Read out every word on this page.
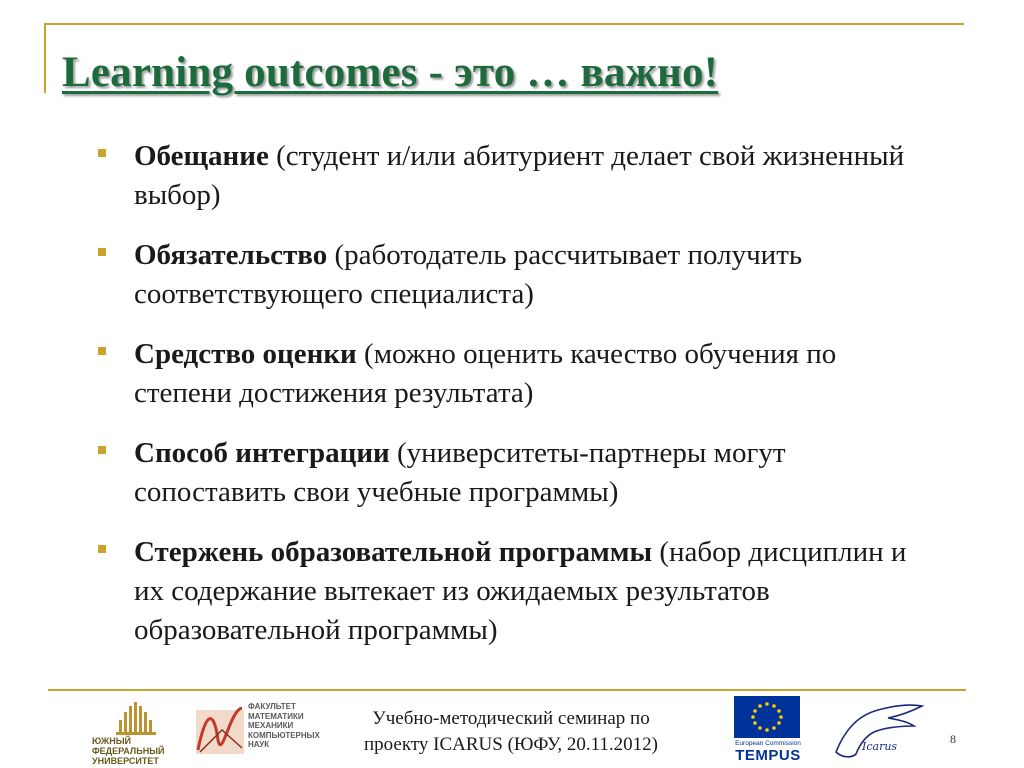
Learning outcomes - это … важно!
Обещание (студент и/или абитуриент делает свой жизненный выбор)
Обязательство (работодатель рассчитывает получить соответствующего специалиста)
Средство оценки (можно оценить качество обучения по степени достижения результата)
Способ интеграции (университеты-партнеры могут сопоставить свои учебные программы)
Стержень образовательной программы (набор дисциплин и их содержание вытекает из ожидаемых результатов образовательной программы)
ЮЖНЫЙ
ФЕДЕРАЛЬНЫЙ
УНИВЕРСИТЕТ
ФАКУЛЬТЕТ
МАТЕМАТИКИ
МЕХАНИКИ
КОМПЬЮТЕРНЫХ
НАУК
Учебно-методический семинар по
проекту ICARUS (ЮФУ, 20.11.2012)	European Commission
TEMPUS
Icarus
8
